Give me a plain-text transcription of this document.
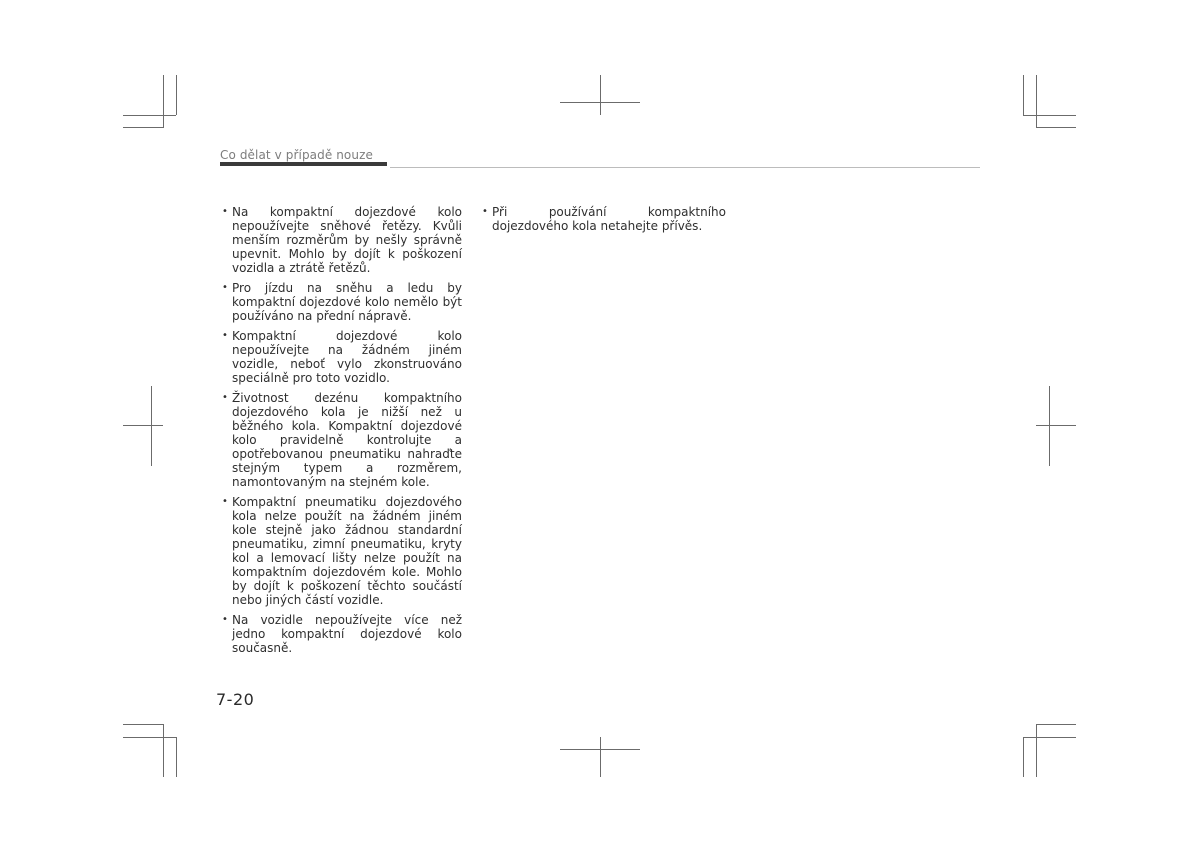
Co dělat v případě nouze
• Na kompaktní dojezdové kolo nepoužívejte sněhové řetězy. Kvůli menším rozměrům by nešly správně upevnit. Mohlo by dojít k poškození vozidla a ztrátě řetězů.
• Pro jízdu na sněhu a ledu by kompaktní dojezdové kolo nemělo být používáno na přední nápravě.
• Kompaktní dojezdové kolo nepoužívejte na žádném jiném vozidle, neboť vylo zkonstruováno speciálně pro toto vozidlo.
• Životnost dezénu kompaktního dojezdového kola je nižší než u běžného kola. Kompaktní dojezdové kolo pravidelně kontrolujte a opotřebovanou pneumatiku nahraďte stejným typem a rozměrem, namontovaným na stejném kole.
• Kompaktní pneumatiku dojezdového kola nelze použít na žádném jiném kole stejně jako žádnou standardní pneumatiku, zimní pneumatiku, kryty kol a lemovací lišty nelze použít na kompaktním dojezdovém kole. Mohlo by dojít k poškození těchto součástí nebo jiných částí vozidle.
• Na vozidle nepoužívejte více než jedno kompaktní dojezdové kolo současně.
• Při používání kompaktního dojezdového kola netahejte přívěs.
7-20
